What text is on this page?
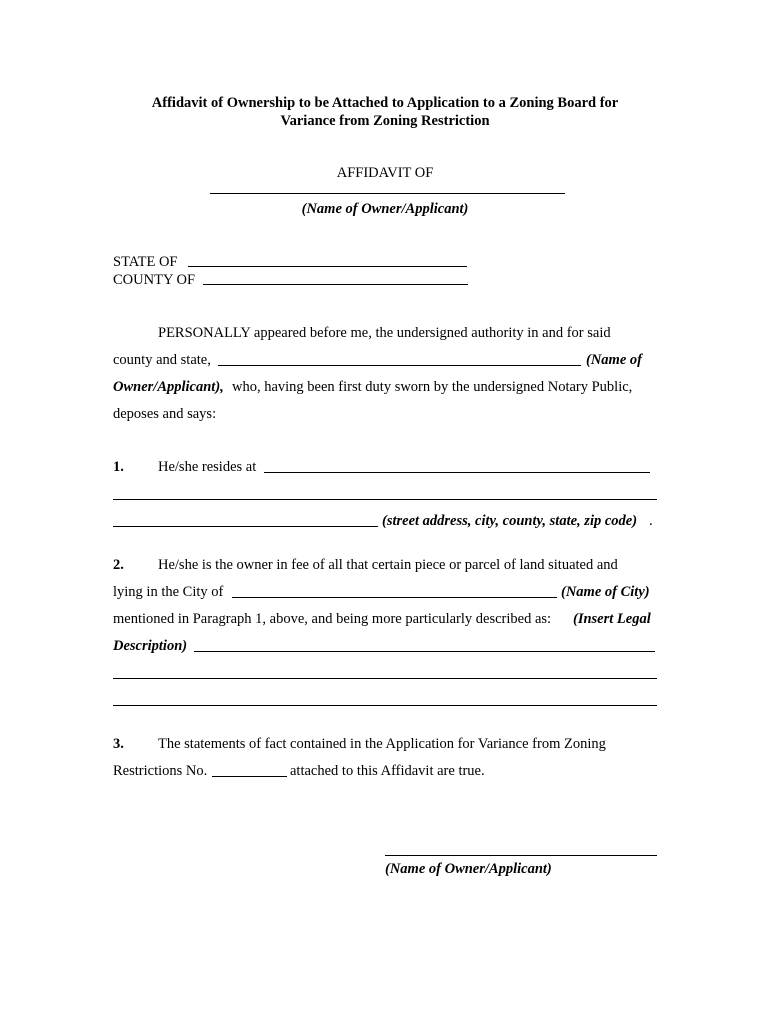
Affidavit of Ownership to be Attached to Application to a Zoning Board for
Variance from Zoning Restriction
AFFIDAVIT OF
(Name of Owner/Applicant)
STATE OF
COUNTY OF
PERSONALLY appeared before me, the undersigned authority in and for said
county and state,	(Name of
Owner/Applicant), who, having been first duty sworn by the undersigned Notary Public,
deposes and says:
1. He/she resides at
(street address, city, county, state, zip code) .
2. He/she is the owner in fee of all that certain piece or parcel of land situated and
lying in the City of	(Name of City)
mentioned in Paragraph 1, above, and being more particularly described as: (Insert Legal
Description)
3. The statements of fact contained in the Application for Variance from Zoning
Restrictions No.	attached to this Affidavit are true.
(Name of Owner/Applicant)
